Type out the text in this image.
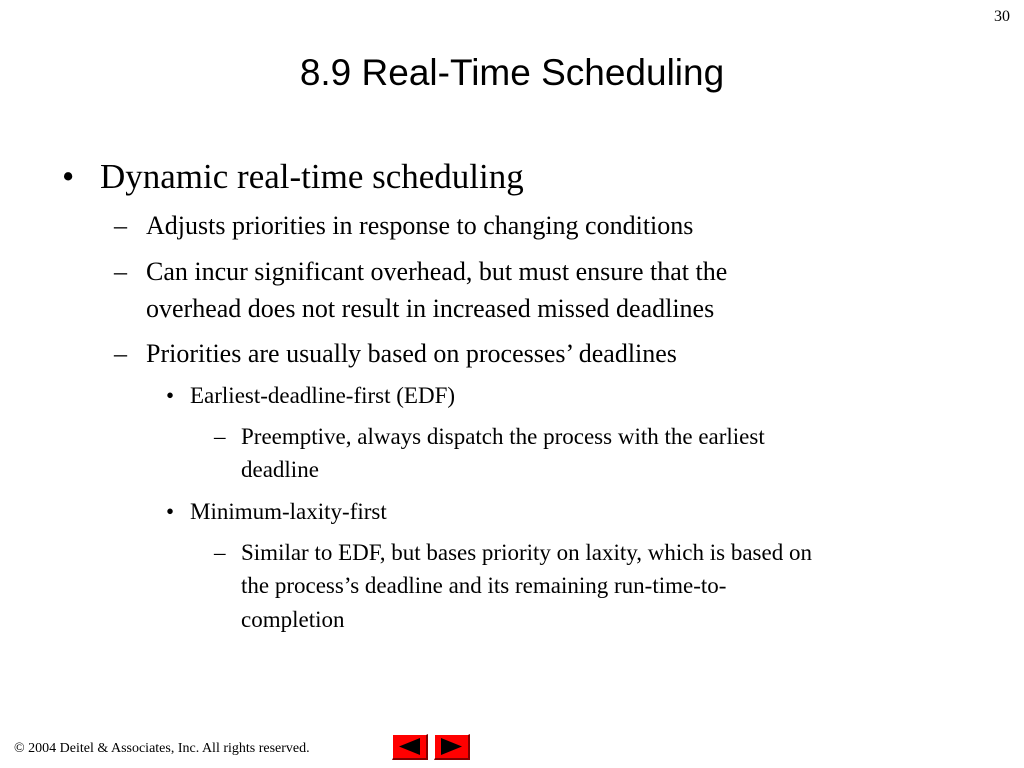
30
8.9 Real-Time Scheduling
• Dynamic real-time scheduling
– Adjusts priorities in response to changing conditions
– Can incur significant overhead, but must ensure that the
overhead does not result in increased missed deadlines
– Priorities are usually based on processes’ deadlines
• Earliest-deadline-first (EDF)
– Preemptive, always dispatch the process with the earliest
deadline
• Minimum-laxity-first
– Similar to EDF, but bases priority on laxity, which is based on
the process’s deadline and its remaining run-time-to-
completion
© 2004 Deitel & Associates, Inc. All rights reserved.
